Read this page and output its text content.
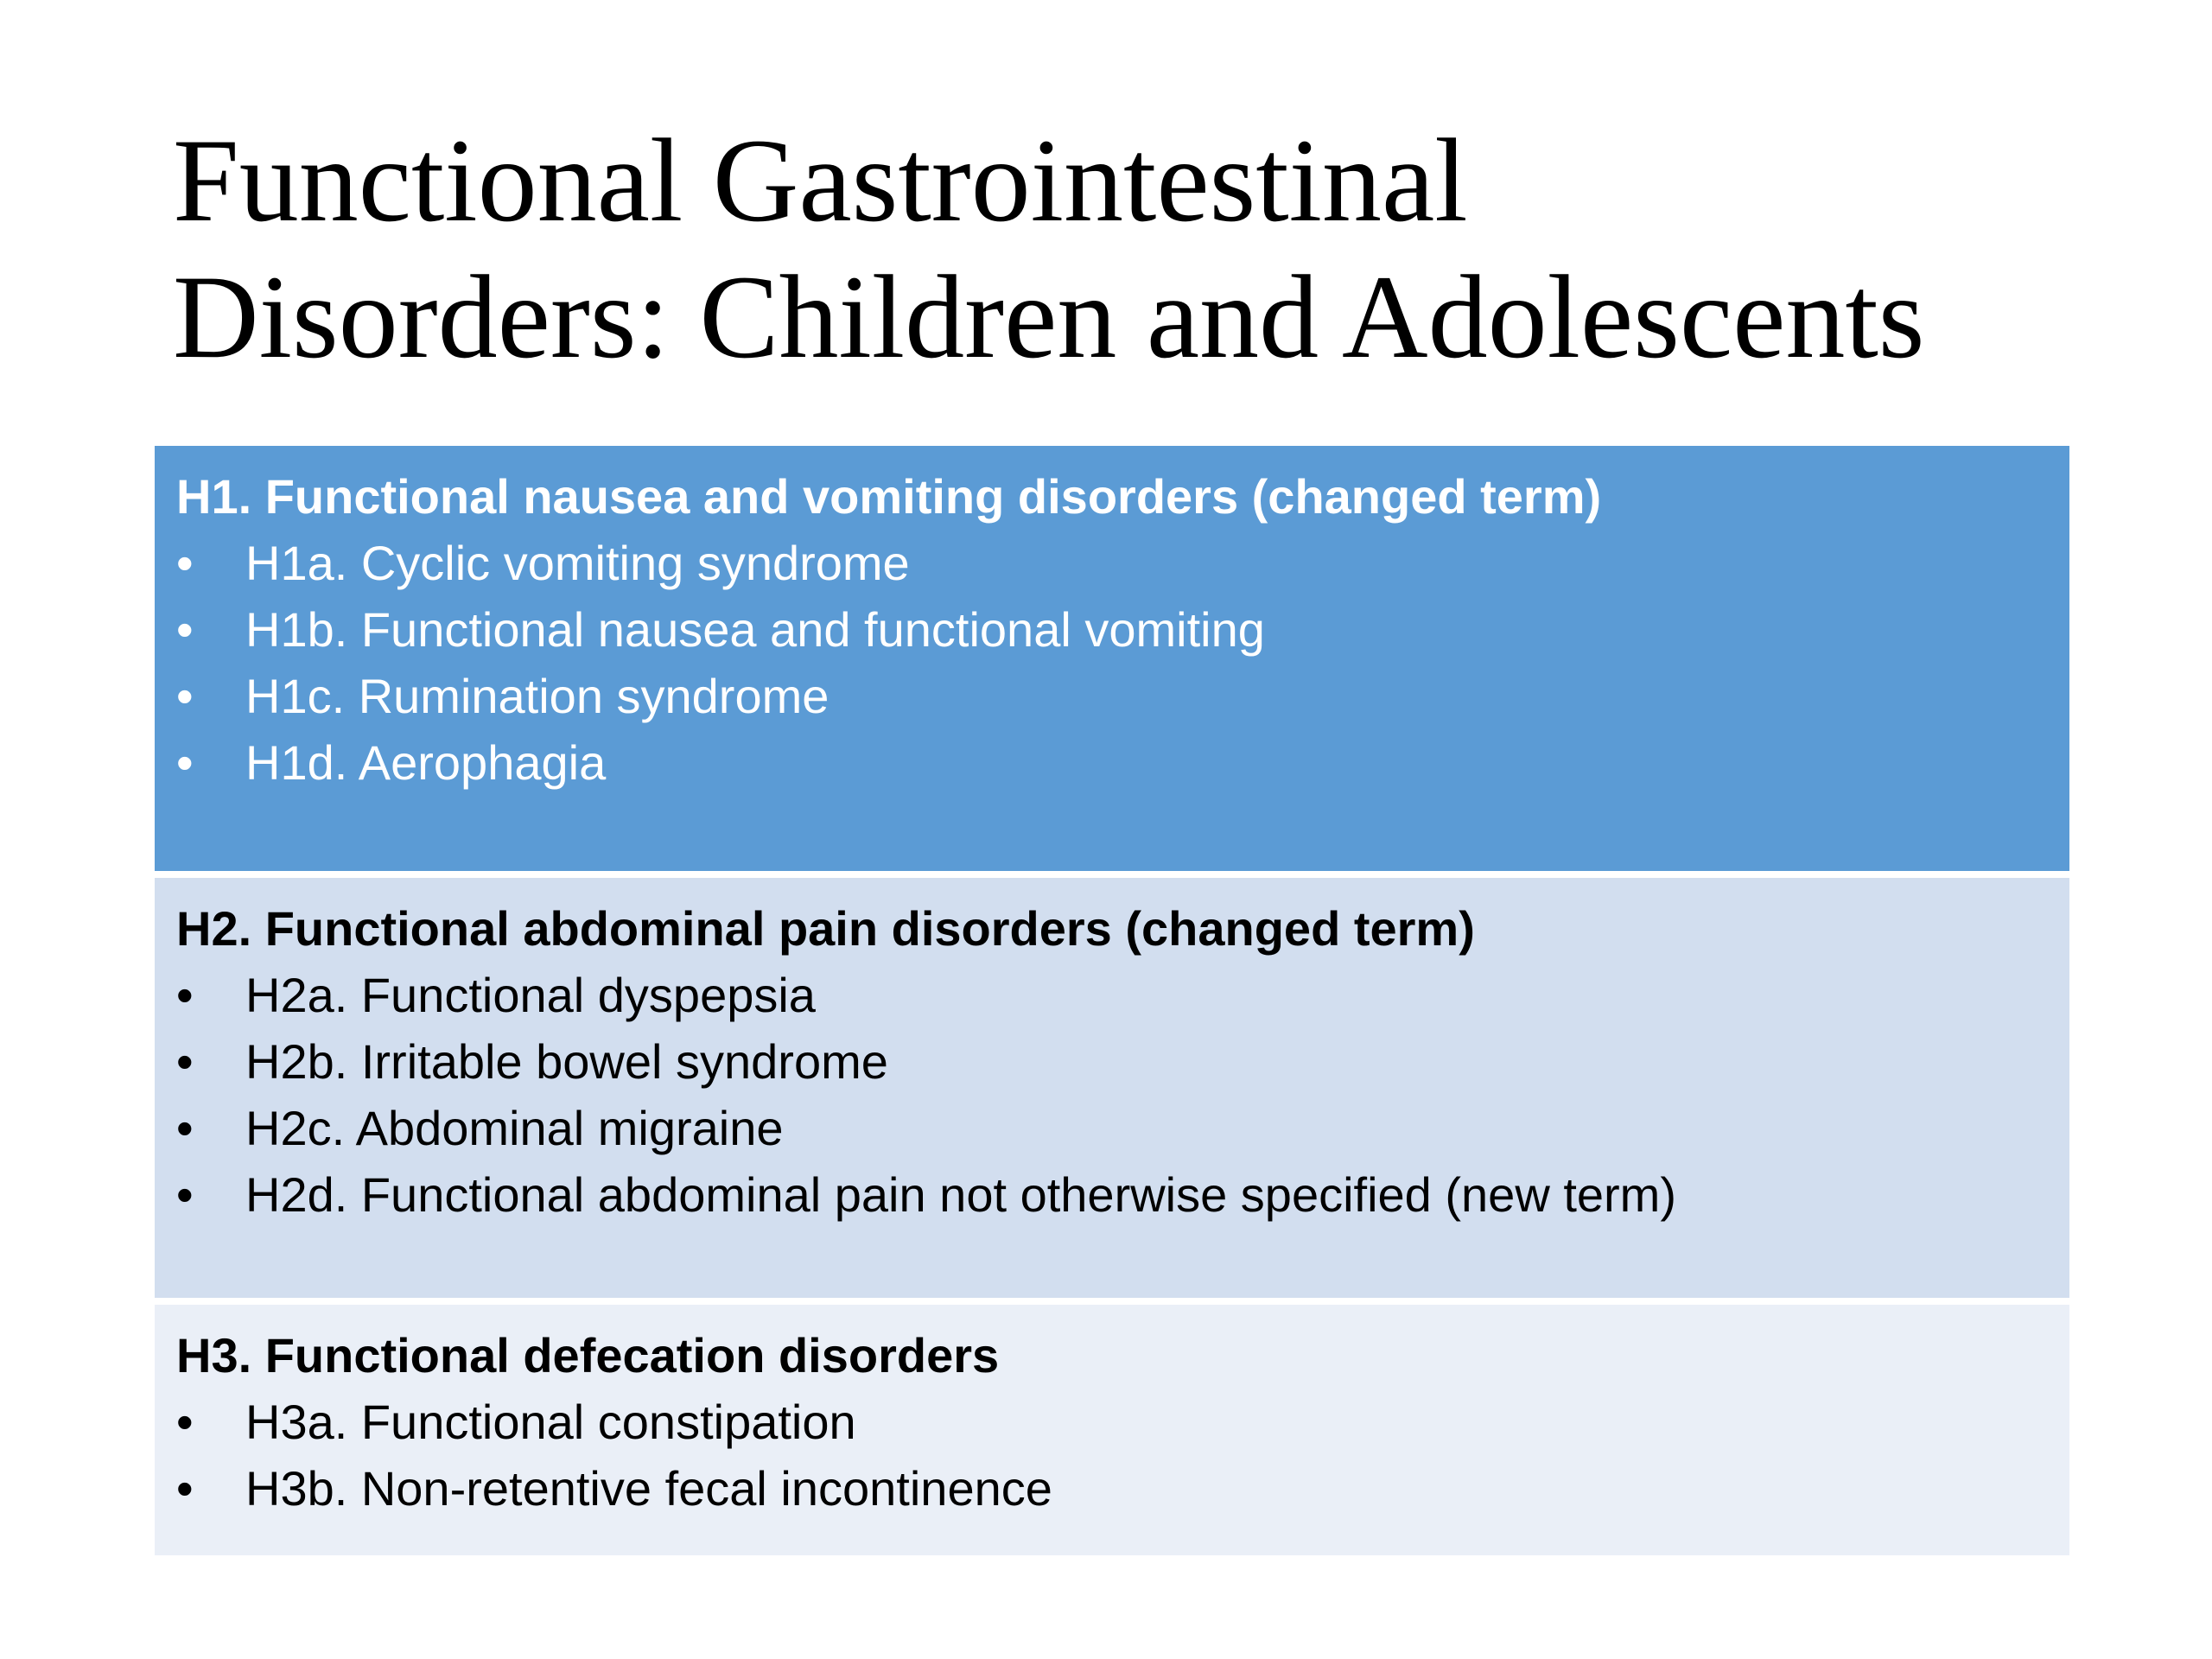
Functional Gastrointestinal
Disorders: Children and Adolescents

H1. Functional nausea and vomiting disorders (changed term)

•	H1a. Cyclic vomiting syndrome
•	H1b. Functional nausea and functional vomiting
•	H1c. Rumination syndrome
•	H1d. Aerophagia

H2. Functional abdominal pain disorders (changed term)

•	H2a. Functional dyspepsia
•	H2b. Irritable bowel syndrome
•	H2c. Abdominal migraine
•	H2d. Functional abdominal pain not otherwise specified (new term)

H3. Functional defecation disorders

•	H3a. Functional constipation
•	H3b. Non-retentive fecal incontinence
